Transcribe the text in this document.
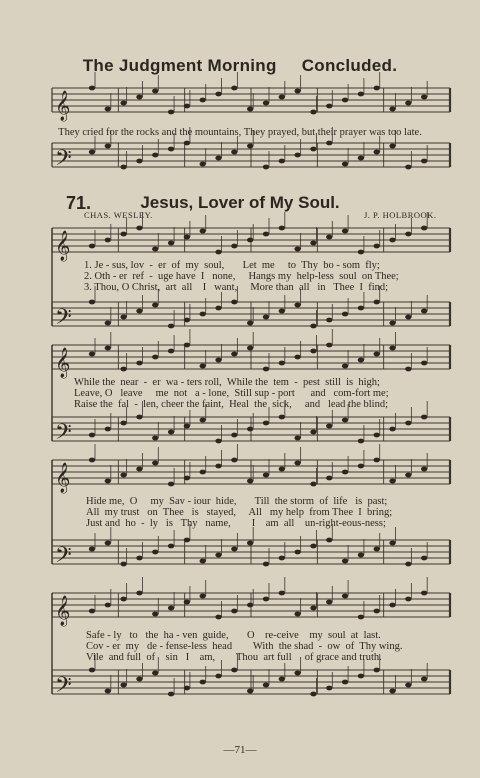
𝄞
𝄢
𝄞
𝄢
𝄞
𝄢
𝄞
𝄢
𝄞
𝄢
The Judgment Morning Concluded.
They cried for the rocks and the mountains, They prayed, but their prayer was too late.
71.	Jesus, Lover of My Soul.
CHAS. WESLEY.	J. P. HOLBROOK.
1. Je - sus, lov  -  er  of  my  soul,       Let  me     to  Thy  bo - som  fly;
2. Oth - er  ref  -  uge have  I   none,     Hangs my  help-less  soul  on Thee;
3. Thou, O Christ,  art  all    I   want,     More than  all   in   Thee  I  find;
While the  near  -  er  wa - ters roll,  While the  tem  -  pest  still  is  high;
Leave, O   leave     me  not   a - lone,  Still sup - port      and   com-fort me;
Raise the  fal  -  len, cheer the faint,  Heal  the  sick,     and   lead the blind;
Hide me,  O     my  Sav - iour  hide,       Till  the storm  of  life   is  past;
All  my trust   on  Thee   is   stayed,     All   my help  from Thee  I  bring;
Just and  ho  -  ly   is   Thy   name,        I    am  all    un-right-eous-ness;
Safe - ly   to   the  ha - ven  guide,       O    re-ceive    my  soul  at  last.
Cov - er  my   de - fense-less  head        With  the shad  -  ow  of  Thy wing.
Vile  and full  of    sin   I    am,        Thou  art full     of grace and truth.
—71—
